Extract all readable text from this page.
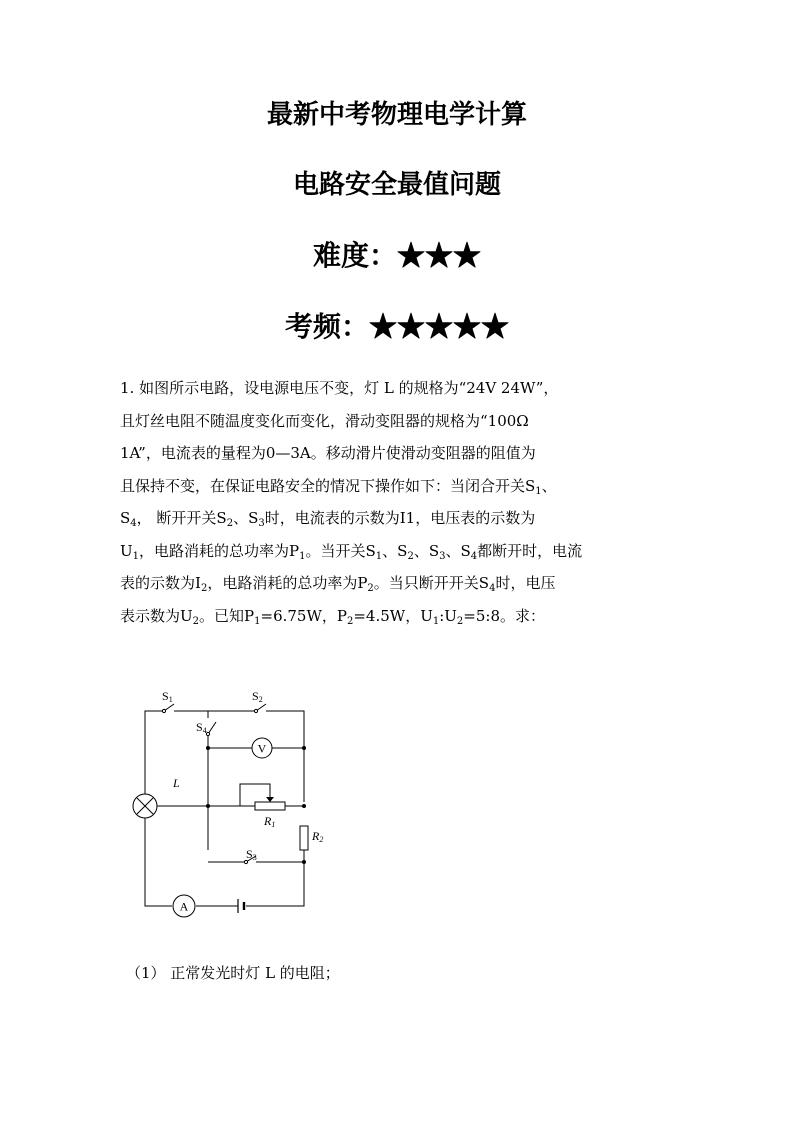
最新中考物理电学计算
电路安全最值问题
难度：★★★
考频：★★★★★
1. 如图所示电路，设电源电压不变，灯 L 的规格为“24V 24W”，
且灯丝电阻不随温度变化而变化，滑动变阻器的规格为“100Ω
1A”，电流表的量程为0—3A。移动滑片使滑动变阻器的阻值为
且保持不变，在保证电路安全的情况下操作如下：当闭合开关$S_1$、
$S_4$， 断开开关$S_2$、$S_3$时，电流表的示数为I1，电压表的示数为
$U_1$，电路消耗的总功率为$P_1$。当开关$S_1$、$S_2$、$S_3$、$S_4$都断开时，电流
表的示数为$I_2$，电路消耗的总功率为$P_2$。当只断开开关$S_4$时，电压
表示数为$U_2$。已知$P_1=6.75W$，$P_2=4.5W$，$U_1:U_2=5:8$。求：
V
A
S1	S2
S4
S3
L
R1
R2
（1） 正常发光时灯 L 的电阻；
